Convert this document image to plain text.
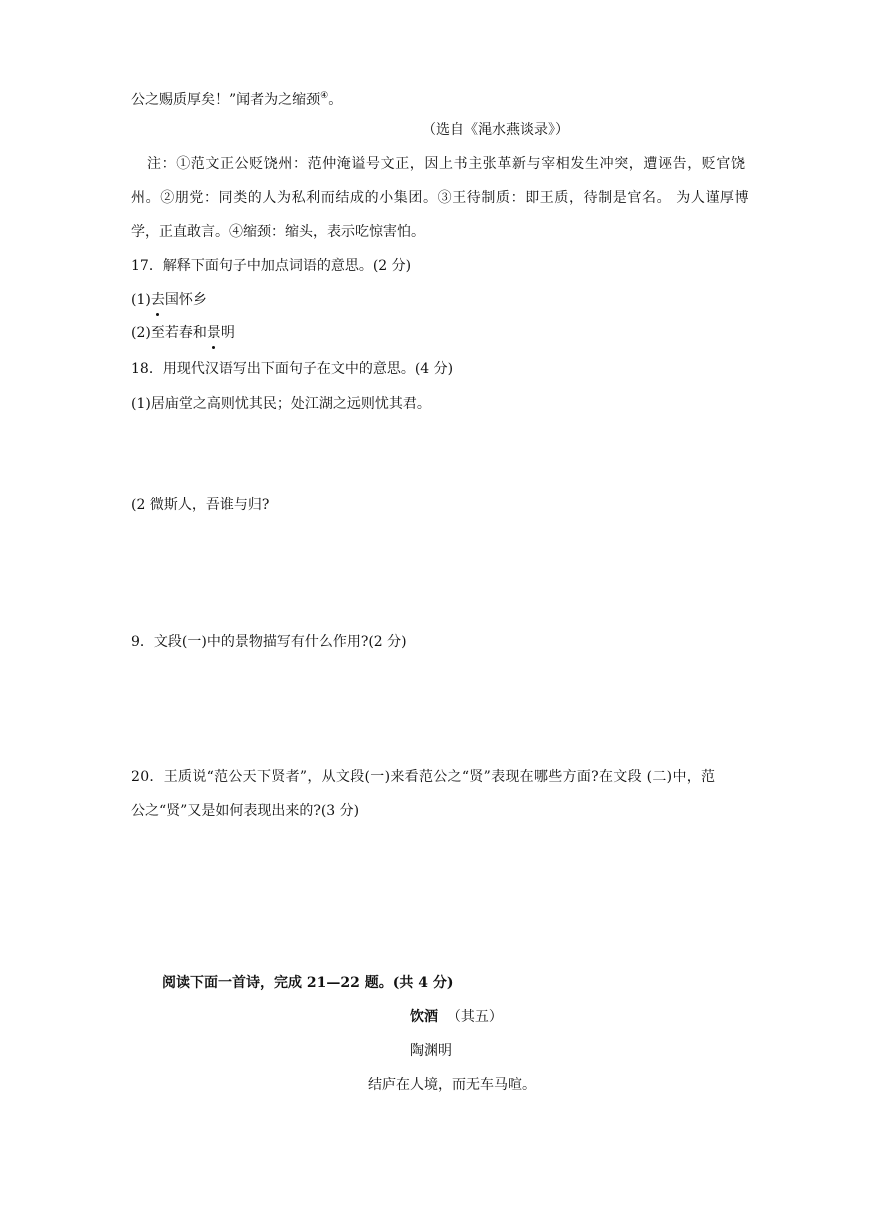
公之赐质厚矣！”闻者为之缩颈④。
（选自《渑水燕谈录》）
注：①范文正公贬饶州：范仲淹谥号文正，因上书主张革新与宰相发生冲突，遭诬告，贬官饶
州。②朋党：同类的人为私利而结成的小集团。③王待制质：即王质，待制是官名。 为人谨厚博
学，正直敢言。④缩颈：缩头，表示吃惊害怕。
17．解释下面句子中加点词语的意思。(2 分)
(1)去国怀乡
(2)至若春和景明
18．用现代汉语写出下面句子在文中的意思。(4 分)
(1)居庙堂之高则忧其民；处江湖之远则忧其君。
(2 微斯人，吾谁与归?
9．文段(一)中的景物描写有什么作用?(2 分)
20．王质说“范公天下贤者”，从文段(一)来看范公之“贤”表现在哪些方面?在文段 (二)中，范
公之“贤”又是如何表现出来的?(3 分)
阅读下面一首诗，完成 21—22 题。(共 4 分)
饮酒 （其五）
陶渊明
结庐在人境，而无车马喧。
